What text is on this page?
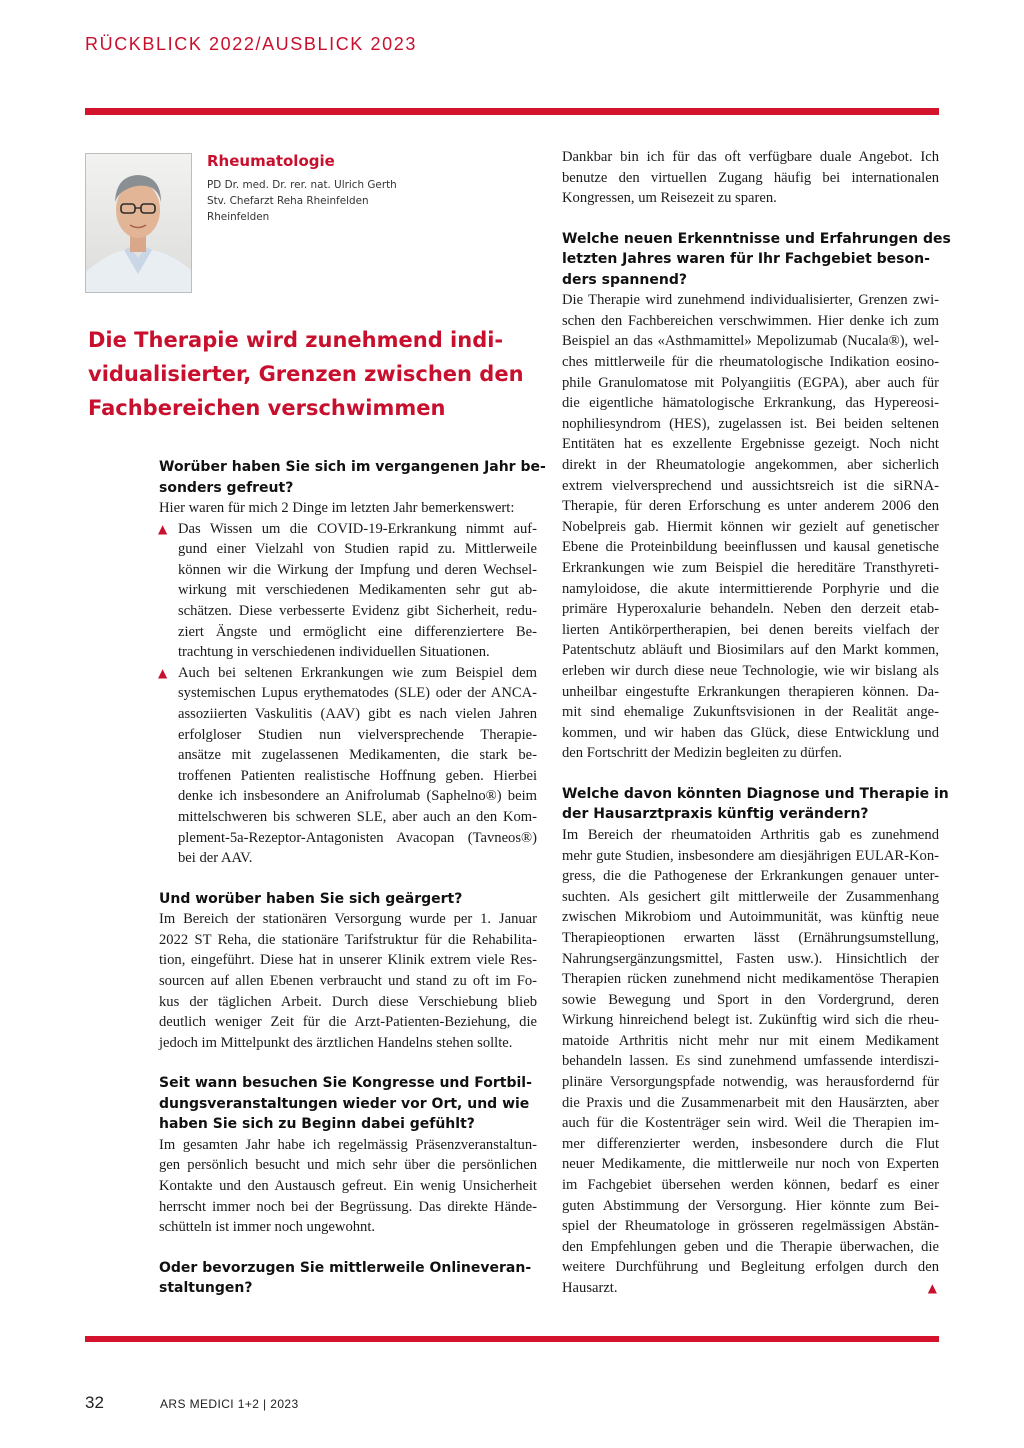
RÜCKBLICK 2022/AUSBLICK 2023
Rheumatologie
PD Dr. med. Dr. rer. nat. Ulrich Gerth
Stv. Chefarzt Reha Rheinfelden
Rheinfelden
Die Therapie wird zunehmend indi-
vidualisierter, Grenzen zwischen den
Fachbereichen verschwimmen
Worüber haben Sie sich im vergangenen Jahr be-
sonders gefreut?
Hier waren für mich 2 Dinge im letzten Jahr bemerkenswert:
▲ Das Wissen um die COVID-19-Erkrankung nimmt auf-
gund einer Vielzahl von Studien rapid zu. Mittlerweile
können wir die Wirkung der Impfung und deren Wechsel-
wirkung mit verschiedenen Medikamenten sehr gut ab-
schätzen. Diese verbesserte Evidenz gibt Sicherheit, redu-
ziert Ängste und ermöglicht eine differenziertere Be-
trachtung in verschiedenen individuellen Situationen.
▲ Auch bei seltenen Erkrankungen wie zum Beispiel dem
systemischen Lupus erythematodes (SLE) oder der ANCA-
assoziierten Vaskulitis (AAV) gibt es nach vielen Jahren
erfolgloser Studien nun vielversprechende Therapie-
ansätze mit zugelassenen Medikamenten, die stark be-
troffenen Patienten realistische Hoffnung geben. Hierbei
denke ich insbesondere an Anifrolumab (Saphelno®) beim
mittelschweren bis schweren SLE, aber auch an den Kom-
plement-5a-Rezeptor-Antagonisten Avacopan (Tavneos®)
bei der AAV.
Und worüber haben Sie sich geärgert?
Im Bereich der stationären Versorgung wurde per 1. Januar
2022 ST Reha, die stationäre Tarifstruktur für die Rehabilita-
tion, eingeführt. Diese hat in unserer Klinik extrem viele Res-
sourcen auf allen Ebenen verbraucht und stand zu oft im Fo-
kus der täglichen Arbeit. Durch diese Verschiebung blieb
deutlich weniger Zeit für die Arzt-Patienten-Beziehung, die
jedoch im Mittelpunkt des ärztlichen Handelns stehen sollte.
Seit wann besuchen Sie Kongresse und Fortbil-
dungsveranstaltungen wieder vor Ort, und wie
haben Sie sich zu Beginn dabei gefühlt?
Im gesamten Jahr habe ich regelmässig Präsenzveranstaltun-
gen persönlich besucht und mich sehr über die persönlichen
Kontakte und den Austausch gefreut. Ein wenig Unsicherheit
herrscht immer noch bei der Begrüssung. Das direkte Hände-
schütteln ist immer noch ungewohnt.
Oder bevorzugen Sie mittlerweile Onlineveran-
staltungen?
Dankbar bin ich für das oft verfügbare duale Angebot. Ich
benutze den virtuellen Zugang häufig bei internationalen
Kongressen, um Reisezeit zu sparen.
Welche neuen Erkenntnisse und Erfahrungen des
letzten Jahres waren für Ihr Fachgebiet beson-
ders spannend?
Die Therapie wird zunehmend individualisierter, Grenzen zwi-
schen den Fachbereichen verschwimmen. Hier denke ich zum
Beispiel an das «Asthmamittel» Mepolizumab (Nucala®), wel-
ches mittlerweile für die rheumatologische Indikation eosino-
phile Granulomatose mit Polyangiitis (EGPA), aber auch für
die eigentliche hämatologische Erkrankung, das Hypereosi-
nophiliesyndrom (HES), zugelassen ist. Bei beiden seltenen
Entitäten hat es exzellente Ergebnisse gezeigt. Noch nicht
direkt in der Rheumatologie angekommen, aber sicherlich
extrem vielversprechend und aussichtsreich ist die siRNA-
Therapie, für deren Erforschung es unter anderem 2006 den
Nobelpreis gab. Hiermit können wir gezielt auf genetischer
Ebene die Proteinbildung beeinflussen und kausal genetische
Erkrankungen wie zum Beispiel die hereditäre Transthyreti-
namyloidose, die akute intermittierende Porphyrie und die
primäre Hyperoxalurie behandeln. Neben den derzeit etab-
lierten Antikörpertherapien, bei denen bereits vielfach der
Patentschutz abläuft und Biosimilars auf den Markt kommen,
erleben wir durch diese neue Technologie, wie wir bislang als
unheilbar eingestufte Erkrankungen therapieren können. Da-
mit sind ehemalige Zukunftsvisionen in der Realität ange-
kommen, und wir haben das Glück, diese Entwicklung und
den Fortschritt der Medizin begleiten zu dürfen.
Welche davon könnten Diagnose und Therapie in
der Hausarztpraxis künftig verändern?
Im Bereich der rheumatoiden Arthritis gab es zunehmend
mehr gute Studien, insbesondere am diesjährigen EULAR-Kon-
gress, die die Pathogenese der Erkrankungen genauer unter-
suchten. Als gesichert gilt mittlerweile der Zusammenhang
zwischen Mikrobiom und Autoimmunität, was künftig neue
Therapieoptionen erwarten lässt (Ernährungsumstellung,
Nahrungsergänzungsmittel, Fasten usw.). Hinsichtlich der
Therapien rücken zunehmend nicht medikamentöse Therapien
sowie Bewegung und Sport in den Vordergrund, deren
Wirkung hinreichend belegt ist. Zukünftig wird sich die rheu-
matoide Arthritis nicht mehr nur mit einem Medikament
behandeln lassen. Es sind zunehmend umfassende interdiszi-
plinäre Versorgungspfade notwendig, was herausfordernd für
die Praxis und die Zusammenarbeit mit den Hausärzten, aber
auch für die Kostenträger sein wird. Weil die Therapien im-
mer differenzierter werden, insbesondere durch die Flut
neuer Medikamente, die mittlerweile nur noch von Experten
im Fachgebiet übersehen werden können, bedarf es einer
guten Abstimmung der Versorgung. Hier könnte zum Bei-
spiel der Rheumatologe in grösseren regelmässigen Abstän-
den Empfehlungen geben und die Therapie überwachen, die
weitere Durchführung und Begleitung erfolgen durch den
Hausarzt.	▲
32	ARS MEDICI 1+2 | 2023
